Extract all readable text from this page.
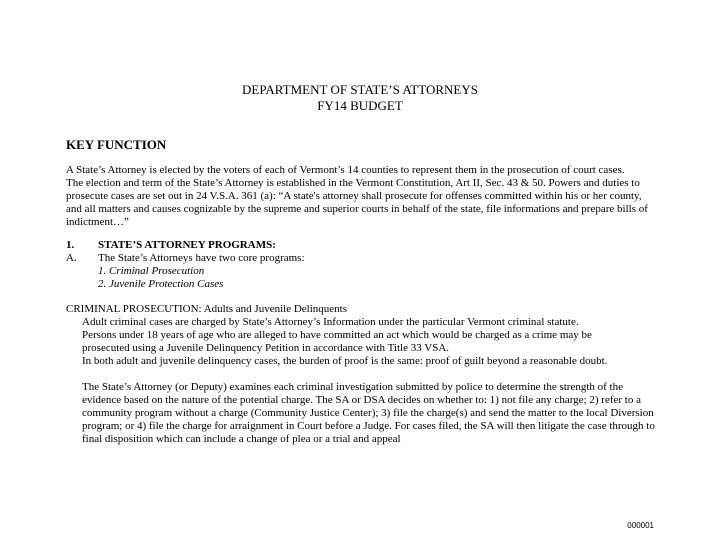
DEPARTMENT OF STATE’S ATTORNEYS
FY14 BUDGET
KEY FUNCTION
A State’s Attorney is elected by the voters of each of Vermont’s 14 counties to represent them in the prosecution of court cases.
The election and term of the State’s Attorney is established in the Vermont Constitution, Art II, Sec. 43 & 50. Powers and duties to
prosecute cases are set out in 24 V.S.A. 361 (a): “A state's attorney shall prosecute for offenses committed within his or her county,
and all matters and causes cognizable by the supreme and superior courts in behalf of the state, file informations and prepare bills of
indictment…”
1. STATE’S ATTORNEY PROGRAMS:
A. The State’s Attorneys have two core programs:
1. Criminal Prosecution
2. Juvenile Protection Cases
CRIMINAL PROSECUTION: Adults and Juvenile Delinquents
Adult criminal cases are charged by State’s Attorney’s Information under the particular Vermont criminal statute.
Persons under 18 years of age who are alleged to have committed an act which would be charged as a crime may be
prosecuted using a Juvenile Delinquency Petition in accordance with Title 33 VSA.
In both adult and juvenile delinquency cases, the burden of proof is the same: proof of guilt beyond a reasonable doubt.
The State’s Attorney (or Deputy) examines each criminal investigation submitted by police to determine the strength of the
evidence based on the nature of the potential charge. The SA or DSA decides on whether to: 1) not file any charge; 2) refer to a
community program without a charge (Community Justice Center); 3) file the charge(s) and send the matter to the local Diversion
program; or 4) file the charge for arraignment in Court before a Judge. For cases filed, the SA will then litigate the case through to
final disposition which can include a change of plea or a trial and appeal
000001
